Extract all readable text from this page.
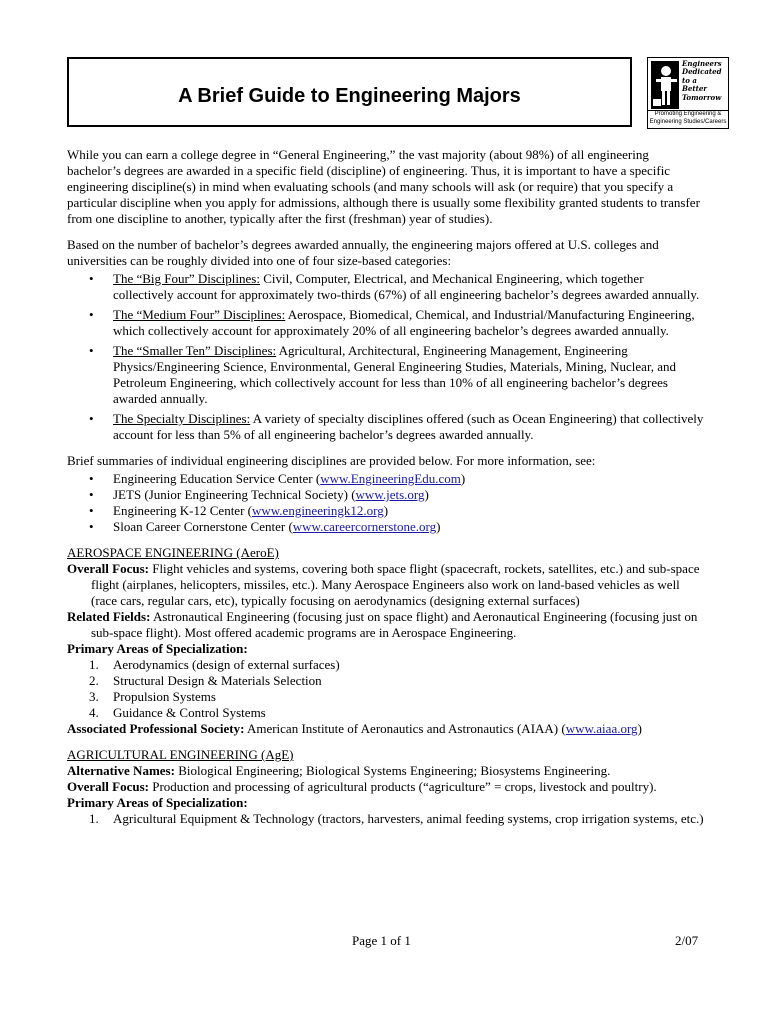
A Brief Guide to Engineering Majors
Engineers
Dedicated to a
Better
Tomorrow
Promoting Engineering &
Engineering Studies/Careers

While you can earn a college degree in “General Engineering,” the vast majority (about 98%) of all engineering bachelor’s degrees are awarded in a specific field (discipline) of engineering. Thus, it is important to have a specific engineering discipline(s) in mind when evaluating schools (and many schools will ask (or require) that you specify a particular discipline when you apply for admissions, although there is usually some flexibility granted students to transfer from one discipline to another, typically after the first (freshman) year of studies).

Based on the number of bachelor’s degrees awarded annually, the engineering majors offered at U.S. colleges and universities can be roughly divided into one of four size-based categories:

• The “Big Four” Disciplines: Civil, Computer, Electrical, and Mechanical Engineering, which together collectively account for approximately two-thirds (67%) of all engineering bachelor’s degrees awarded annually.
• The “Medium Four” Disciplines: Aerospace, Biomedical, Chemical, and Industrial/Manufacturing Engineering, which collectively account for approximately 20% of all engineering bachelor’s degrees awarded annually.
• The “Smaller Ten” Disciplines: Agricultural, Architectural, Engineering Management, Engineering Physics/Engineering Science, Environmental, General Engineering Studies, Materials, Mining, Nuclear, and Petroleum Engineering, which collectively account for less than 10% of all engineering bachelor’s degrees awarded annually.
• The Specialty Disciplines: A variety of specialty disciplines offered (such as Ocean Engineering) that collectively account for less than 5% of all engineering bachelor’s degrees awarded annually.

Brief summaries of individual engineering disciplines are provided below. For more information, see:

• Engineering Education Service Center (www.EngineeringEdu.com)
• JETS (Junior Engineering Technical Society) (www.jets.org)
• Engineering K-12 Center (www.engineeringk12.org)
• Sloan Career Cornerstone Center (www.careercornerstone.org)

AEROSPACE ENGINEERING (AeroE)

Overall Focus: Flight vehicles and systems, covering both space flight (spacecraft, rockets, satellites, etc.) and sub-space flight (airplanes, helicopters, missiles, etc.). Many Aerospace Engineers also work on land-based vehicles as well (race cars, regular cars, etc), typically focusing on aerodynamics (designing external surfaces)

Related Fields: Astronautical Engineering (focusing just on space flight) and Aeronautical Engineering (focusing just on sub-space flight). Most offered academic programs are in Aerospace Engineering.

Primary Areas of Specialization:

1. Aerodynamics (design of external surfaces)
2. Structural Design & Materials Selection
3. Propulsion Systems
4. Guidance & Control Systems

Associated Professional Society: American Institute of Aeronautics and Astronautics (AIAA) (www.aiaa.org)

AGRICULTURAL ENGINEERING (AgE)

Alternative Names: Biological Engineering; Biological Systems Engineering; Biosystems Engineering.

Overall Focus: Production and processing of agricultural products (“agriculture” = crops, livestock and poultry).

Primary Areas of Specialization:

1. Agricultural Equipment & Technology (tractors, harvesters, animal feeding systems, crop irrigation systems, etc.)
Page 1 of 1	2/07
